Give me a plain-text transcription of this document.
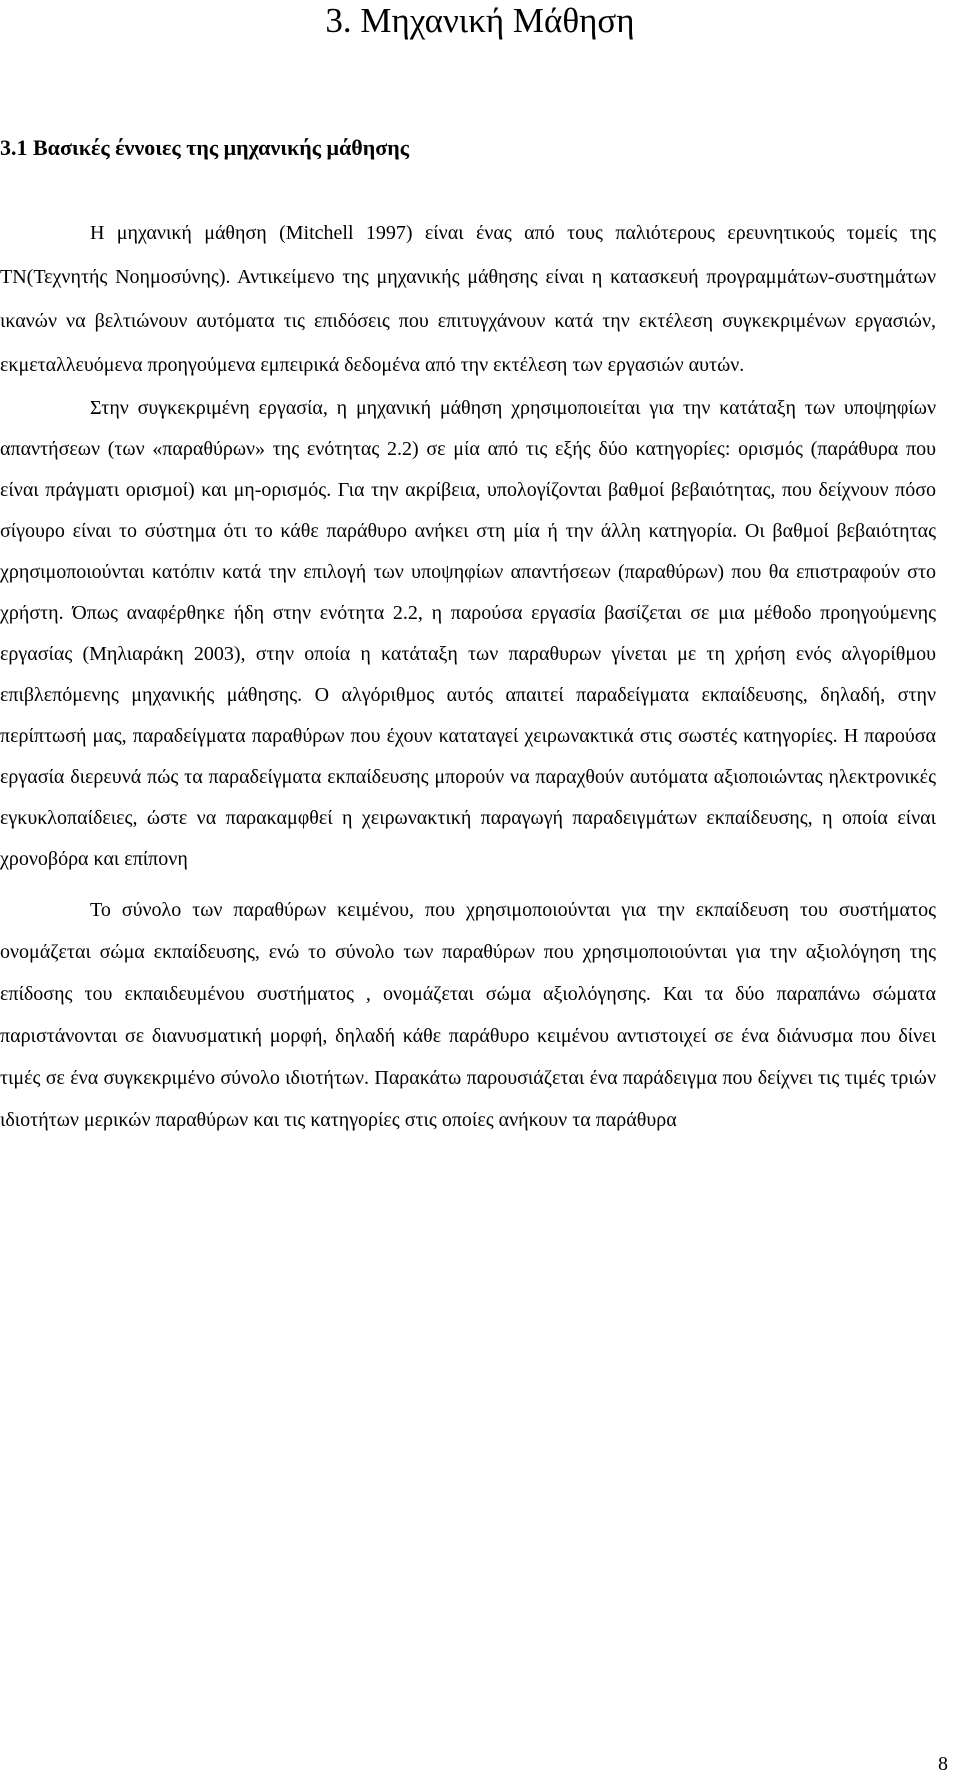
3. Μηχανική Μάθηση
3.1 Βασικές έννοιες της μηχανικής μάθησης

Η μηχανική μάθηση (Mitchell 1997) είναι ένας από τους παλιότερους ερευνητικούς τομείς της ΤΝ(Τεχνητής Νοημοσύνης). Αντικείμενο της μηχανικής μάθησης είναι η κατασκευή προγραμμάτων-συστημάτων ικανών να βελτιώνουν αυτόματα τις επιδόσεις που επιτυγχάνουν κατά την εκτέλεση συγκεκριμένων εργασιών, εκμεταλλευόμενα προηγούμενα εμπειρικά δεδομένα από την εκτέλεση των εργασιών αυτών.

Στην συγκεκριμένη εργασία, η μηχανική μάθηση χρησιμοποιείται για την κατάταξη των υποψηφίων απαντήσεων (των «παραθύρων» της ενότητας 2.2) σε μία από τις εξής δύο κατηγορίες: ορισμός (παράθυρα που είναι πράγματι ορισμοί) και μη-ορισμός. Για την ακρίβεια, υπολογίζονται βαθμοί βεβαιότητας, που δείχνουν πόσο σίγουρο είναι το σύστημα ότι το κάθε παράθυρο ανήκει στη μία ή την άλλη κατηγορία. Οι βαθμοί βεβαιότητας χρησιμοποιούνται κατόπιν κατά την επιλογή των υποψηφίων απαντήσεων (παραθύρων) που θα επιστραφούν στο χρήστη. Όπως αναφέρθηκε ήδη στην ενότητα 2.2, η παρούσα εργασία βασίζεται σε μια μέθοδο προηγούμενης εργασίας (Μηλιαράκη 2003), στην οποία η κατάταξη των παραθυρων γίνεται με τη χρήση ενός αλγορίθμου επιβλεπόμενης μηχανικής μάθησης. Ο αλγόριθμος αυτός απαιτεί παραδείγματα εκπαίδευσης, δηλαδή, στην περίπτωσή μας, παραδείγματα παραθύρων που έχουν καταταγεί χειρωνακτικά στις σωστές κατηγορίες. Η παρούσα εργασία διερευνά πώς τα παραδείγματα εκπαίδευσης μπορούν να παραχθούν αυτόματα αξιοποιώντας ηλεκτρονικές εγκυκλοπαίδειες, ώστε να παρακαμφθεί η χειρωνακτική παραγωγή παραδειγμάτων εκπαίδευσης, η οποία είναι χρονοβόρα και επίπονη

Το σύνολο των παραθύρων κειμένου, που χρησιμοποιούνται για την εκπαίδευση του συστήματος ονομάζεται σώμα εκπαίδευσης, ενώ το σύνολο των παραθύρων που χρησιμοποιούνται για την αξιολόγηση της επίδοσης του εκπαιδευμένου συστήματος , ονομάζεται σώμα αξιολόγησης. Και τα δύο παραπάνω σώματα παριστάνονται σε διανυσματική μορφή, δηλαδή κάθε παράθυρο κειμένου αντιστοιχεί σε ένα διάνυσμα που δίνει τιμές σε ένα συγκεκριμένο σύνολο ιδιοτήτων. Παρακάτω παρουσιάζεται ένα παράδειγμα που δείχνει τις τιμές τριών ιδιοτήτων μερικών παραθύρων και τις κατηγορίες στις οποίες ανήκουν τα παράθυρα

8
